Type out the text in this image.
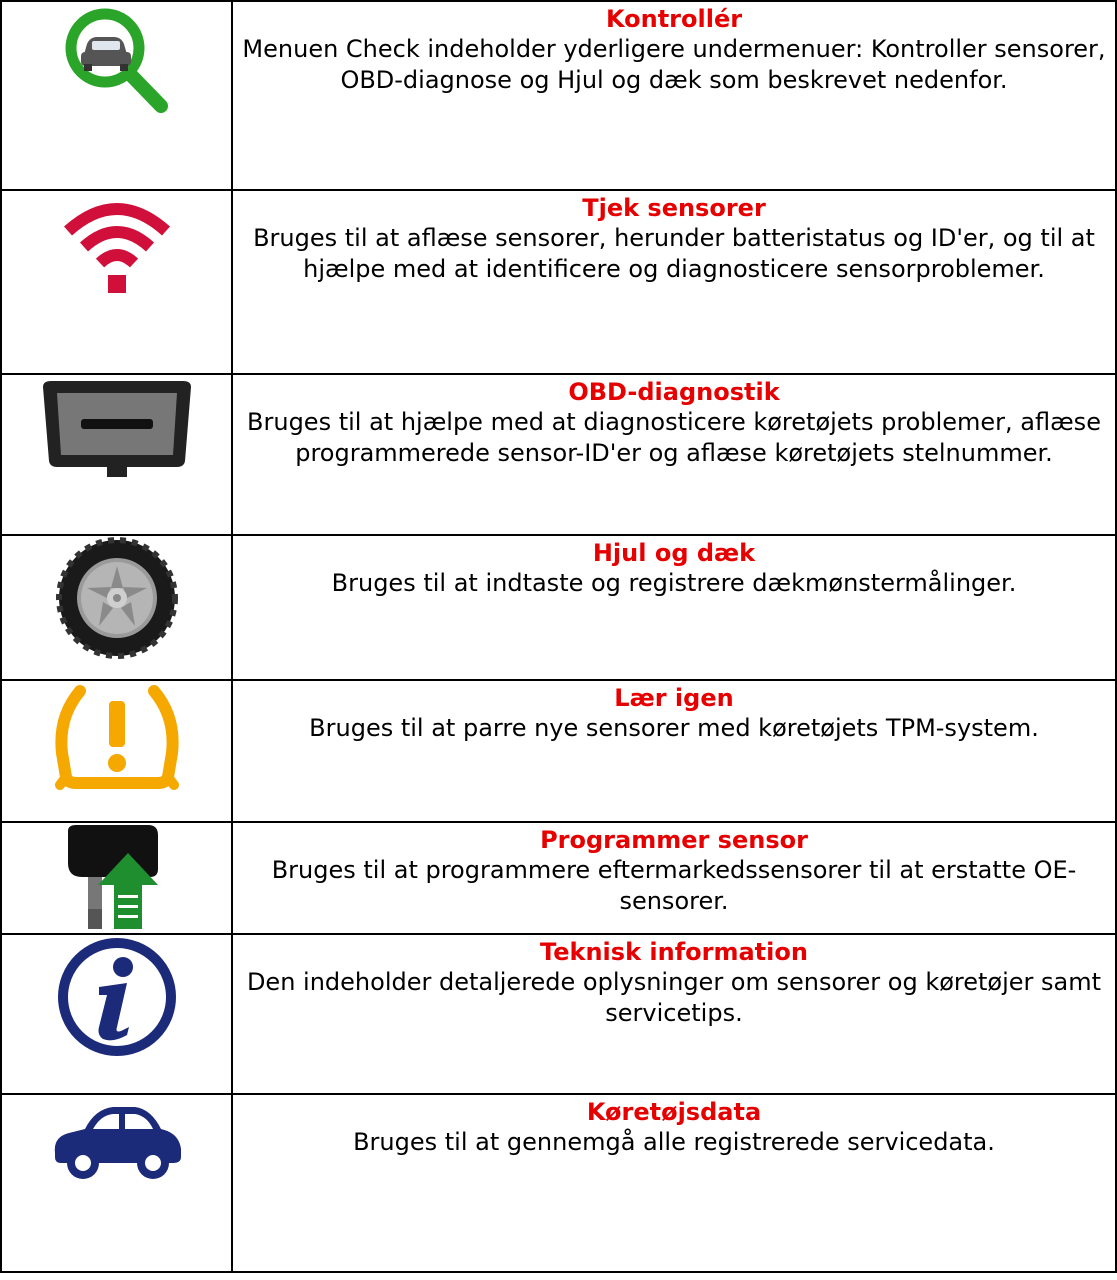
Kontrollér
Menuen Check indeholder yderligere undermenuer: Kontroller sensorer, OBD-diagnose og Hjul og dæk som beskrevet nedenfor.

Tjek sensorer
Bruges til at aflæse sensorer, herunder batteristatus og ID'er, og til at hjælpe med at identificere og diagnosticere sensorproblemer.

OBD-diagnostik
Bruges til at hjælpe med at diagnosticere køretøjets problemer, aflæse programmerede sensor-ID'er og aflæse køretøjets stelnummer.

Hjul og dæk
Bruges til at indtaste og registrere dækmønstermålinger.

Lær igen
Bruges til at parre nye sensorer med køretøjets TPM-system.

Programmer sensor
Bruges til at programmere eftermarkedssensorer til at erstatte OE-sensorer.

Teknisk information
Den indeholder detaljerede oplysninger om sensorer og køretøjer samt servicetips.

Køretøjsdata
Bruges til at gennemgå alle registrerede servicedata.
